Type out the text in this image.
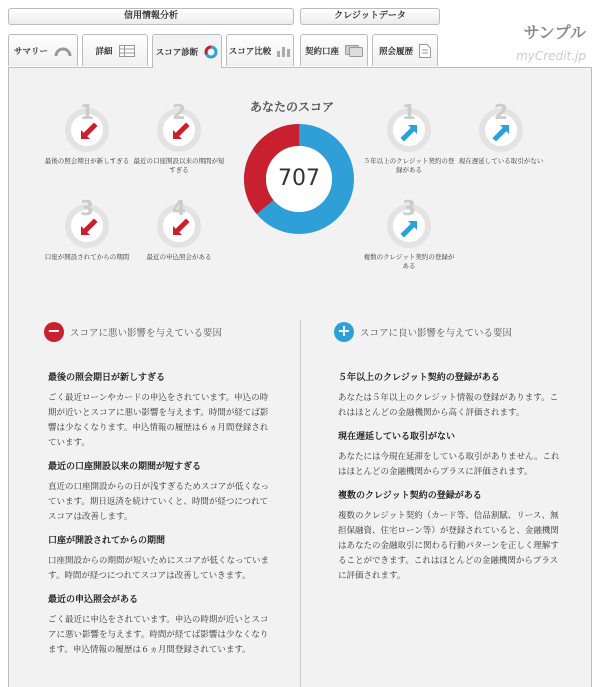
信用情報分析	クレジットデータ
サンプル
myCredit.jp
サマリー	詳細	スコア診断	スコア比較	契約口座	照会履歴
1
最後の照会期日が新しすぎる
2
最近の口座開設以来の期間が短すぎる
3
口座が開設されてからの期間
4
最近の申込照会がある
あなたのスコア
707
1
５年以上のクレジット契約の登録がある
2
現在遅延している取引がない
3
複数のクレジット契約の登録がある
− スコアに悪い影響を与えている要因
最後の照会期日が新しすぎる
ごく最近ローンやカードの申込をされています。申込の時期が近いとスコアに悪い影響を与えます。時間が経てば影響は少なくなります。申込情報の履歴は６ヵ月間登録されています。
最近の口座開設以来の期間が短すぎる
直近の口座開設からの日が浅すぎるためスコアが低くなっています。期日返済を続けていくと、時間が経つにつれてスコアは改善します。
口座が開設されてからの期間
口座開設からの期間が短いためにスコアが低くなっています。時間が経つにつれてスコアは改善していきます。
最近の申込照会がある
ごく最近に申込をされています。申込の時期が近いとスコアに悪い影響を与えます。時間が経てば影響は少なくなります。申込情報の履歴は６ヵ月間登録されています。
+ スコアに良い影響を与えている要因
５年以上のクレジット契約の登録がある
あなたは５年以上のクレジット情報の登録があります。これはほとんどの金融機関から高く評価されます。
現在遅延している取引がない
あなたには今現在延滞をしている取引がありません。これはほとんどの金融機関からプラスに評価されます。
複数のクレジット契約の登録がある
複数のクレジット契約（カード等、信品割賦、リース、無担保融資、住宅ローン等）が登録されていると、金融機関はあなたの金融取引に関わる行動パターンを正しく理解することができます。これはほとんどの金融機関からプラスに評価されます。
